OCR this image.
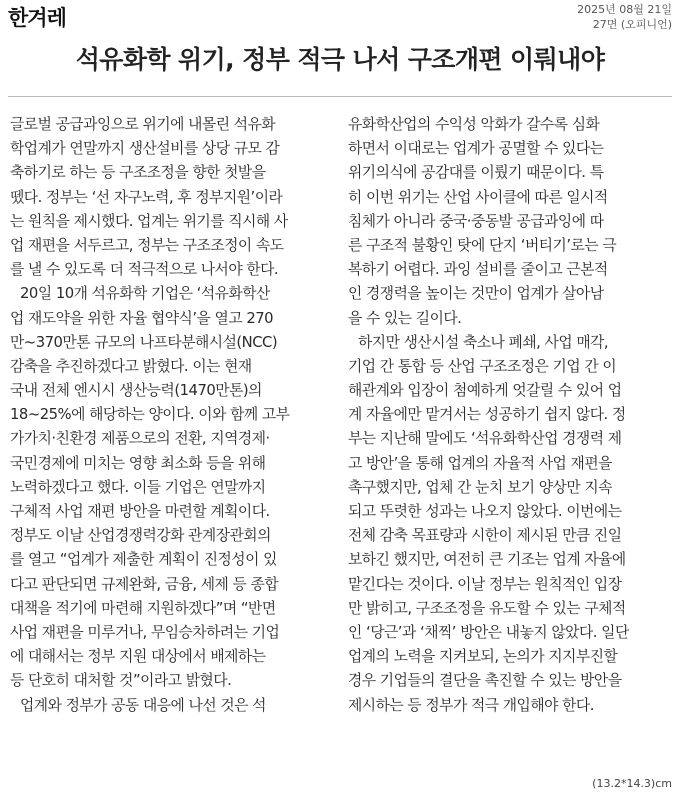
한겨레	2025년 08월 21일
27면 (오피니언)
석유화학 위기, 정부 적극 나서 구조개편 이뤄내야
글로벌 공급과잉으로 위기에 내몰린 석유화
학업계가 연말까지 생산설비를 상당 규모 감
축하기로 하는 등 구조조정을 향한 첫발을
뗐다. 정부는 ‘선 자구노력, 후 정부지원’이라
는 원칙을 제시했다. 업계는 위기를 직시해 사
업 재편을 서두르고, 정부는 구조조정이 속도
를 낼 수 있도록 더 적극적으로 나서야 한다.
20일 10개 석유화학 기업은 ‘석유화학산
업 재도약을 위한 자율 협약식’을 열고 270
만~370만톤 규모의 나프타분해시설(NCC)
감축을 추진하겠다고 밝혔다. 이는 현재
국내 전체 엔시시 생산능력(1470만톤)의
18~25%에 해당하는 양이다. 이와 함께 고부
가가치·친환경 제품으로의 전환, 지역경제·
국민경제에 미치는 영향 최소화 등을 위해
노력하겠다고 했다. 이들 기업은 연말까지
구체적 사업 재편 방안을 마련할 계획이다.
정부도 이날 산업경쟁력강화 관계장관회의
를 열고 “업계가 제출한 계획이 진정성이 있
다고 판단되면 규제완화, 금융, 세제 등 종합
대책을 적기에 마련해 지원하겠다”며 “반면
사업 재편을 미루거나, 무임승차하려는 기업
에 대해서는 정부 지원 대상에서 배제하는
등 단호히 대처할 것”이라고 밝혔다.
업계와 정부가 공동 대응에 나선 것은 석
유화학산업의 수익성 악화가 갈수록 심화
하면서 이대로는 업계가 공멸할 수 있다는
위기의식에 공감대를 이뤘기 때문이다. 특
히 이번 위기는 산업 사이클에 따른 일시적
침체가 아니라 중국·중동발 공급과잉에 따
른 구조적 불황인 탓에 단지 ‘버티기’로는 극
복하기 어렵다. 과잉 설비를 줄이고 근본적
인 경쟁력을 높이는 것만이 업계가 살아남
을 수 있는 길이다.
하지만 생산시설 축소나 폐쇄, 사업 매각,
기업 간 통합 등 산업 구조조정은 기업 간 이
해관계와 입장이 첨예하게 엇갈릴 수 있어 업
계 자율에만 맡겨서는 성공하기 쉽지 않다. 정
부는 지난해 말에도 ‘석유화학산업 경쟁력 제
고 방안’을 통해 업계의 자율적 사업 재편을
촉구했지만, 업체 간 눈치 보기 양상만 지속
되고 뚜렷한 성과는 나오지 않았다. 이번에는
전체 감축 목표량과 시한이 제시된 만큼 진일
보하긴 했지만, 여전히 큰 기조는 업계 자율에
맡긴다는 것이다. 이날 정부는 원칙적인 입장
만 밝히고, 구조조정을 유도할 수 있는 구체적
인 ‘당근’과 ‘채찍’ 방안은 내놓지 않았다. 일단
업계의 노력을 지켜보되, 논의가 지지부진할
경우 기업들의 결단을 촉진할 수 있는 방안을
제시하는 등 정부가 적극 개입해야 한다.
(13.2*14.3)cm
